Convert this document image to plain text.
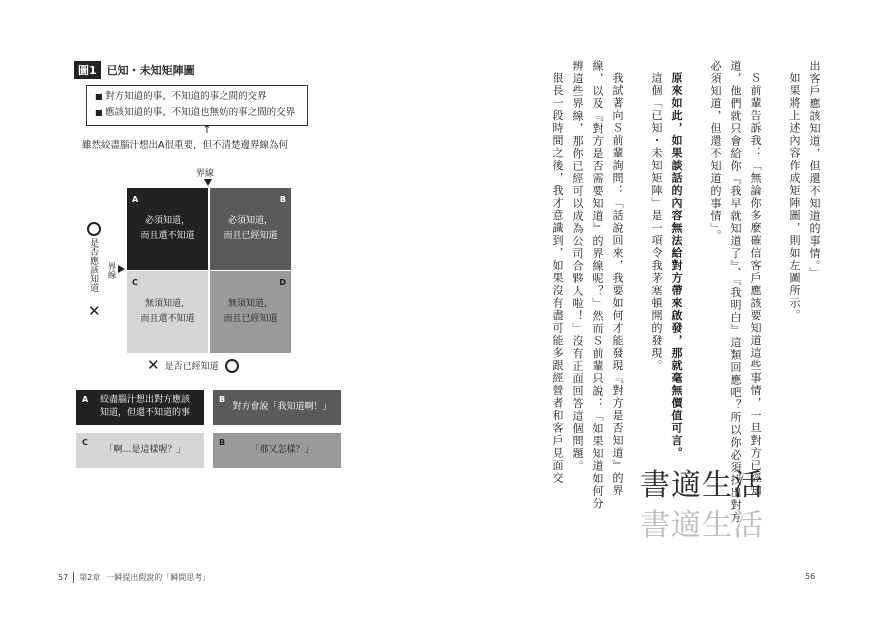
圖1 已知・未知矩陣圖
■ 對方知道的事、不知道的事之間的交界
■ 應該知道的事、不知道也無妨的事之間的交界
↑
雖然絞盡腦汁想出A很重要，但不清楚邊界線為何
界線
A
必須知道，
而且還不知道
B
必須知道，
而且已經知道
C
無須知道，
而且還不知道
D
無須知道，
而且已經知道
是否應該知道
✕
界線
✕ 是否已經知道
A	絞盡腦汁想出對方應該
知道，但還不知道的事
B
對方會說「我知道啊！」
C
「啊…是這樣喔？」
B
「那又怎樣？」
57 第2章 一瞬提出假說的「瞬間思考」
出客戶應該知道，但還不知道的事情。」
如果將上述內容作成矩陣圖，則如左圖所示。
Ｓ前輩告訴我：「無論你多麼確信客戶應該要知道這些事情，一旦對方已經知
道，他們就只會給你『我早就知道了』、『我明白』這類回應吧？所以你必須找出對方
必須知道，但還不知道的事情」。
原來如此，如果談話的內容無法給對方帶來啟發，那就毫無價值可言。
這個「已知・未知矩陣」是一項令我茅塞頓開的發現。
我試著向Ｓ前輩詢問：「話說回來，我要如何才能發現『對方是否知道』的界
線，以及『對方是否需要知道』的界線呢？」然而Ｓ前輩只說：「如果知道如何分
辨這些界線，那你已經可以成為公司合夥人啦！」沒有正面回答這個問題。
很長一段時間之後，我才意識到，如果沒有盡可能多跟經營者和客戶見面交
書適生活
書適生活
56
